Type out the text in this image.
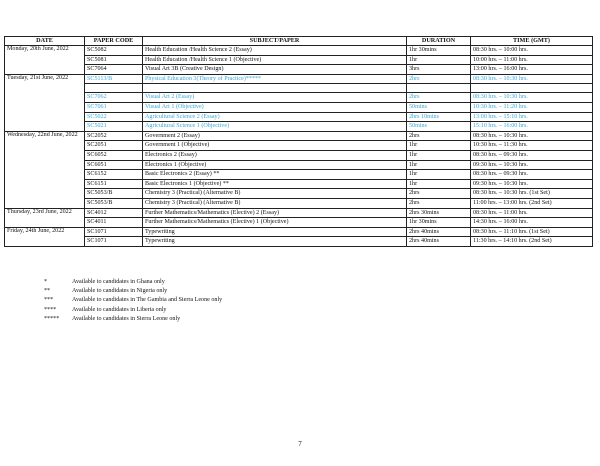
DATE	PAPER CODE	SUBJECT/PAPER	DURATION	TIME (GMT)
Monday, 20th June, 2022	SC5082	Health Education /Health Science 2 (Essay)	1hr 30mins	08:30 hrs. – 10:00 hrs.
	SC5081	Health Education /Health Science 1 (Objective)	1hr	10:00 hrs. – 11:00 hrs.
	SC7064	Visual Art 3B (Creative Design)	3hrs	13:00 hrs. – 16:00 hrs.
Tuesday, 21st June, 2022	SC5113/B	Physical Education 3(Theory of Practice)*****	2hrs	08:30 hrs. – 10:30 hrs.

	SC7062	Visual Art 2 (Essay)	2hrs	08:30 hrs. – 10:30 hrs.
	SC7061	Visual Art 1 (Objective)	50mins	10:30 hrs. – 11:20 hrs.
	SC5022	Agricultural Science 2 (Essay)	2hrs 10mins	13:00 hrs. – 15:10 hrs.
	SC5021	Agricultural Science 1 (Objective)	50mins	15:10 hrs. – 16:00 hrs.
Wednesday, 22nd June, 2022	SC2052	Government 2 (Essay)	2hrs	08:30 hrs. – 10:30 hrs.
	SC2051	Government 1 (Objective)	1hr	10:30 hrs. – 11:30 hrs.
	SC6052	Electronics 2 (Essay)	1hr	08:30 hrs. – 09:30 hrs.
	SC6051	Electronics 1 (Objective)	1hr	09:30 hrs. – 10:30 hrs.
	SC6152	Basic Electronics 2 (Essay) **	1hr	08:30 hrs. – 09:30 hrs.
	SC6151	Basic Electronics 1 (Objective) **	1hr	09:30 hrs. – 10:30 hrs.
	SC5053/B	Chemistry 3 (Practical) (Alternative B)	2hrs	08:30 hrs. – 10:30 hrs. (1st Set)
	SC5053/B	Chemistry 3 (Practical) (Alternative B)	2hrs	11:00 hrs. – 13:00 hrs. (2nd Set)
Thursday, 23rd June, 2022	SC4012	Further Mathematics/Mathematics (Elective) 2 (Essay)	2hrs 30mins	08:30 hrs. – 11:00 hrs.
	SC4011	Further Mathematics/Mathematics (Elective) 1 (Objective)	1hr 30mins	14:30 hrs. – 16:00 hrs.
Friday, 24th June, 2022	SC1071	Typewriting	2hrs 40mins	08:30 hrs. – 11:10 hrs. (1st Set)
	SC1071	Typewriting	2hrs 40mins	11:30 hrs. – 14:10 hrs. (2nd Set)
*	Available to candidates in Ghana only
**	Available to candidates in Nigeria only
***	Available to candidates in The Gambia and Sierra Leone only
****	Available to candidates in Liberia only
***** Available to candidates in Sierra Leone only
7
